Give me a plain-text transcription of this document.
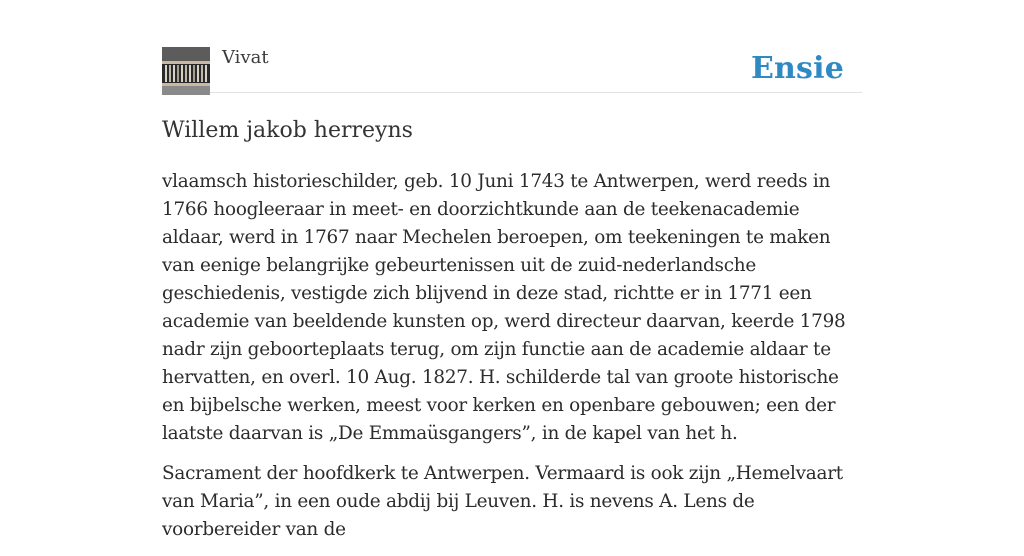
Vivat	Ensie
Willem jakob herreyns

vlaamsch historieschilder, geb. 10 Juni 1743 te Antwerpen, werd reeds in 1766 hoogleeraar in meet- en doorzichtkunde aan de teekenacademie aldaar, werd in 1767 naar Mechelen beroepen, om teekeningen te maken van eenige belangrijke gebeurtenissen uit de zuid-nederlandsche geschiedenis, vestigde zich blijvend in deze stad, richtte er in 1771 een academie van beeldende kunsten op, werd directeur daarvan, keerde 1798 nadr zijn geboorteplaats terug, om zijn functie aan de academie aldaar te hervatten, en overl. 10 Aug. 1827. H. schilderde tal van groote historische en bijbelsche werken, meest voor kerken en openbare gebouwen; een der laatste daarvan is „De Emmaüsgangers”, in de kapel van het h.

Sacrament der hoofdkerk te Antwerpen. Vermaard is ook zijn „Hemelvaart van Maria”, in een oude abdij bij Leuven. H. is nevens A. Lens de voorbereider van de
